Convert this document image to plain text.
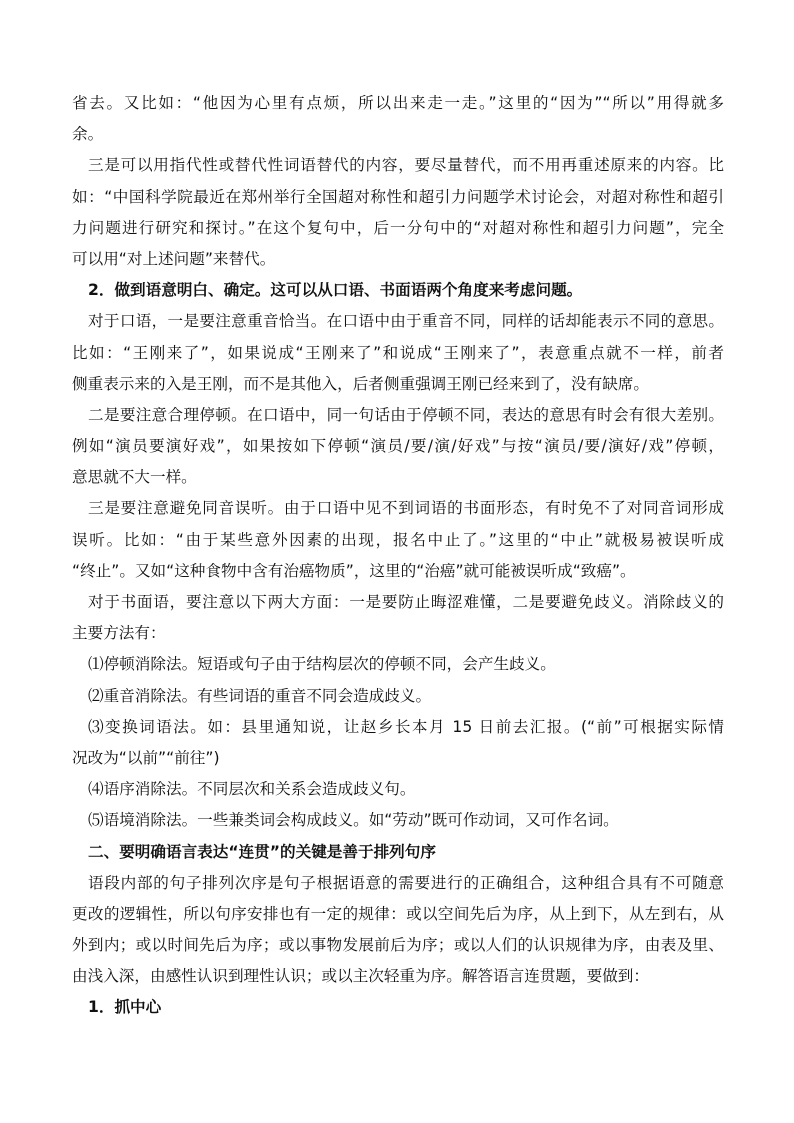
省去。又比如：“他因为心里有点烦，所以出来走一走。”这里的“因为”“所以”用得就多
余。
三是可以用指代性或替代性词语替代的内容，要尽量替代，而不用再重述原来的内容。比
如：“中国科学院最近在郑州举行全国超对称性和超引力问题学术讨论会，对超对称性和超引
力问题进行研究和探讨。”在这个复句中，后一分句中的“对超对称性和超引力问题”，完全
可以用“对上述问题”来替代。
2．做到语意明白、确定。这可以从口语、书面语两个角度来考虑问题。
对于口语，一是要注意重音恰当。在口语中由于重音不同，同样的话却能表示不同的意思。
比如：“王刚来了”，如果说成“王刚来了”和说成“王刚来了”，表意重点就不一样，前者
侧重表示来的入是王刚，而不是其他入，后者侧重强调王刚已经来到了，没有缺席。
二是要注意合理停顿。在口语中，同一句话由于停顿不同，表达的意思有时会有很大差别。
例如“演员要演好戏”，如果按如下停顿“演员/要/演/好戏”与按“演员/要/演好/戏”停顿，
意思就不大一样。
三是要注意避免同音误听。由于口语中见不到词语的书面形态，有时免不了对同音词形成
误听。比如：“由于某些意外因素的出现，报名中止了。”这里的“中止”就极易被误听成
“终止”。又如“这种食物中含有治癌物质”，这里的“治癌”就可能被误听成“致癌”。
对于书面语，要注意以下两大方面：一是要防止晦涩难懂，二是要避免歧义。消除歧义的
主要方法有：
⑴停顿消除法。短语或句子由于结构层次的停顿不同，会产生歧义。
⑵重音消除法。有些词语的重音不同会造成歧义。
⑶变换词语法。如：县里通知说，让赵乡长本月 15 日前去汇报。(“前”可根据实际情
况改为“以前”“前往”)
⑷语序消除法。不同层次和关系会造成歧义句。
⑸语境消除法。一些兼类词会构成歧义。如“劳动”既可作动词，又可作名词。
二、要明确语言表达“连贯”的关键是善于排列句序
语段内部的句子排列次序是句子根据语意的需要进行的正确组合，这种组合具有不可随意
更改的逻辑性，所以句序安排也有一定的规律：或以空间先后为序，从上到下，从左到右，从
外到内；或以时间先后为序；或以事物发展前后为序；或以人们的认识规律为序，由表及里、
由浅入深，由感性认识到理性认识；或以主次轻重为序。解答语言连贯题，要做到：
1．抓中心
